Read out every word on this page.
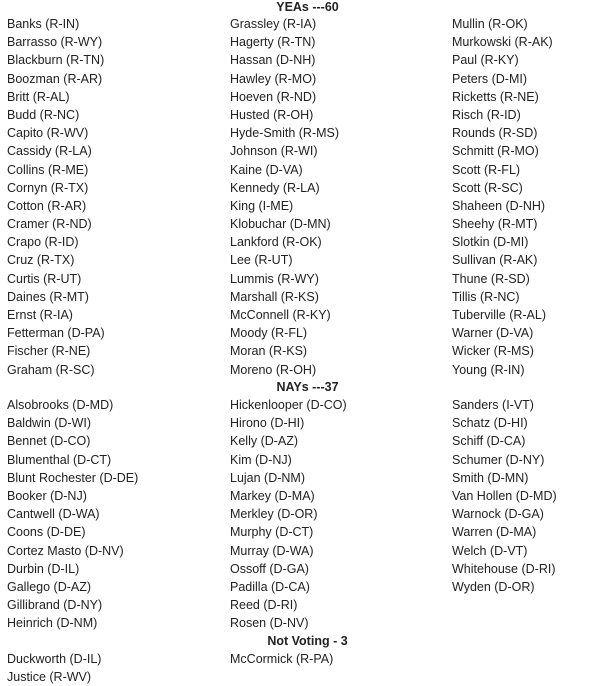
YEAs ---60
Banks (R-IN)
Barrasso (R-WY)
Blackburn (R-TN)
Boozman (R-AR)
Britt (R-AL)
Budd (R-NC)
Capito (R-WV)
Cassidy (R-LA)
Collins (R-ME)
Cornyn (R-TX)
Cotton (R-AR)
Cramer (R-ND)
Crapo (R-ID)
Cruz (R-TX)
Curtis (R-UT)
Daines (R-MT)
Ernst (R-IA)
Fetterman (D-PA)
Fischer (R-NE)
Graham (R-SC)
Grassley (R-IA)
Hagerty (R-TN)
Hassan (D-NH)
Hawley (R-MO)
Hoeven (R-ND)
Husted (R-OH)
Hyde-Smith (R-MS)
Johnson (R-WI)
Kaine (D-VA)
Kennedy (R-LA)
King (I-ME)
Klobuchar (D-MN)
Lankford (R-OK)
Lee (R-UT)
Lummis (R-WY)
Marshall (R-KS)
McConnell (R-KY)
Moody (R-FL)
Moran (R-KS)
Moreno (R-OH)
Mullin (R-OK)
Murkowski (R-AK)
Paul (R-KY)
Peters (D-MI)
Ricketts (R-NE)
Risch (R-ID)
Rounds (R-SD)
Schmitt (R-MO)
Scott (R-FL)
Scott (R-SC)
Shaheen (D-NH)
Sheehy (R-MT)
Slotkin (D-MI)
Sullivan (R-AK)
Thune (R-SD)
Tillis (R-NC)
Tuberville (R-AL)
Warner (D-VA)
Wicker (R-MS)
Young (R-IN)
NAYs ---37
Alsobrooks (D-MD)
Baldwin (D-WI)
Bennet (D-CO)
Blumenthal (D-CT)
Blunt Rochester (D-DE)
Booker (D-NJ)
Cantwell (D-WA)
Coons (D-DE)
Cortez Masto (D-NV)
Durbin (D-IL)
Gallego (D-AZ)
Gillibrand (D-NY)
Heinrich (D-NM)
Hickenlooper (D-CO)
Hirono (D-HI)
Kelly (D-AZ)
Kim (D-NJ)
Lujan (D-NM)
Markey (D-MA)
Merkley (D-OR)
Murphy (D-CT)
Murray (D-WA)
Ossoff (D-GA)
Padilla (D-CA)
Reed (D-RI)
Rosen (D-NV)
Sanders (I-VT)
Schatz (D-HI)
Schiff (D-CA)
Schumer (D-NY)
Smith (D-MN)
Van Hollen (D-MD)
Warnock (D-GA)
Warren (D-MA)
Welch (D-VT)
Whitehouse (D-RI)
Wyden (D-OR)
Not Voting - 3
Duckworth (D-IL)
Justice (R-WV)
McCormick (R-PA)
